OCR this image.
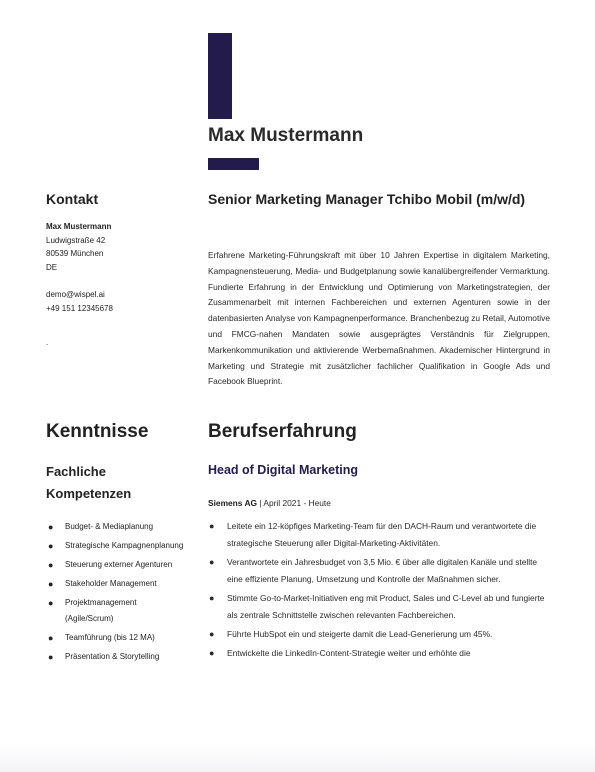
Max Mustermann
Kontakt
Max Mustermann
Ludwigstraße 42
80539 München
DE
demo@wispel.ai
+49 151 12345678
.
Kenntnisse
Fachliche Kompetenzen
● Budget- & Mediaplanung
● Strategische Kampagnenplanung
● Steuerung externer Agenturen
● Stakeholder Management
● Projektmanagement (Agile/Scrum)
● Teamführung (bis 12 MA)
● Präsentation & Storytelling
Senior Marketing Manager Tchibo Mobil (m/w/d)
Erfahrene Marketing-Führungskraft mit über 10 Jahren Expertise in digitalem Marketing, Kampagnensteuerung, Media- und Budgetplanung sowie kanalübergreifender Vermarktung. Fundierte Erfahrung in der Entwicklung und Optimierung von Marketingstrategien, der Zusammenarbeit mit internen Fachbereichen und externen Agenturen sowie in der datenbasierten Analyse von Kampagnenperformance. Branchenbezug zu Retail, Automotive und FMCG-nahen Mandaten sowie ausgeprägtes Verständnis für Zielgruppen, Markenkommunikation und aktivierende Werbemaßnahmen. Akademischer Hintergrund in Marketing und Strategie mit zusätzlicher fachlicher Qualifikation in Google Ads und Facebook Blueprint.
Berufserfahrung
Head of Digital Marketing
Siemens AG | April 2021 - Heute
● Leitete ein 12-köpfiges Marketing-Team für den DACH-Raum und verantwortete die strategische Steuerung aller Digital-Marketing-Aktivitäten.
● Verantwortete ein Jahresbudget von 3,5 Mio. € über alle digitalen Kanäle und stellte eine effiziente Planung, Umsetzung und Kontrolle der Maßnahmen sicher.
● Stimmte Go-to-Market-Initiativen eng mit Product, Sales und C-Level ab und fungierte als zentrale Schnittstelle zwischen relevanten Fachbereichen.
● Führte HubSpot ein und steigerte damit die Lead-Generierung um 45%.
● Entwickelte die LinkedIn-Content-Strategie weiter und erhöhte die
